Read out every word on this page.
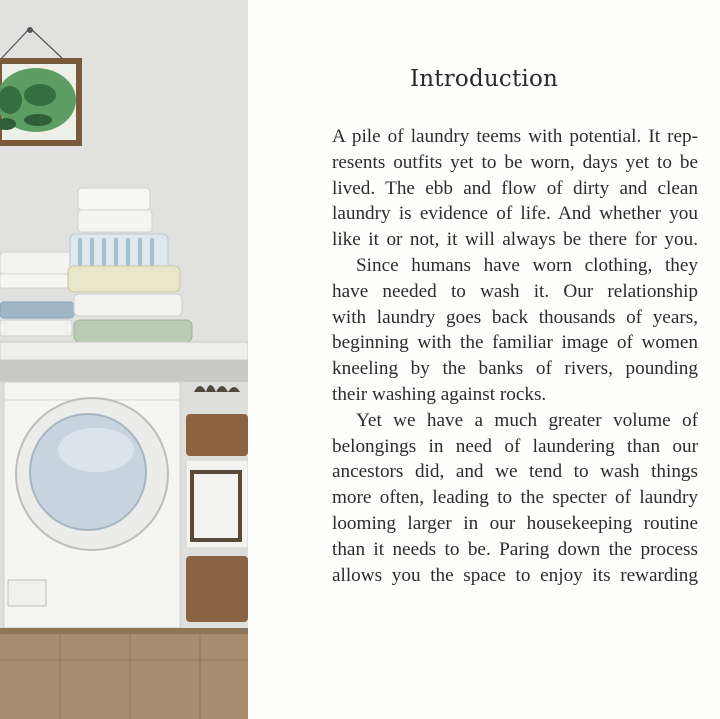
Introduction
A pile of laundry teems with potential. It rep-
resents outfits yet to be worn, days yet to be
lived. The ebb and flow of dirty and clean
laundry is evidence of life. And whether you
like it or not, it will always be there for you.
Since humans have worn clothing, they
have needed to wash it. Our relationship
with laundry goes back thousands of years,
beginning with the familiar image of women
kneeling by the banks of rivers, pounding
their washing against rocks.
Yet we have a much greater volume of
belongings in need of laundering than our
ancestors did, and we tend to wash things
more often, leading to the specter of laundry
looming larger in our housekeeping routine
than it needs to be. Paring down the process
allows you the space to enjoy its rewarding
